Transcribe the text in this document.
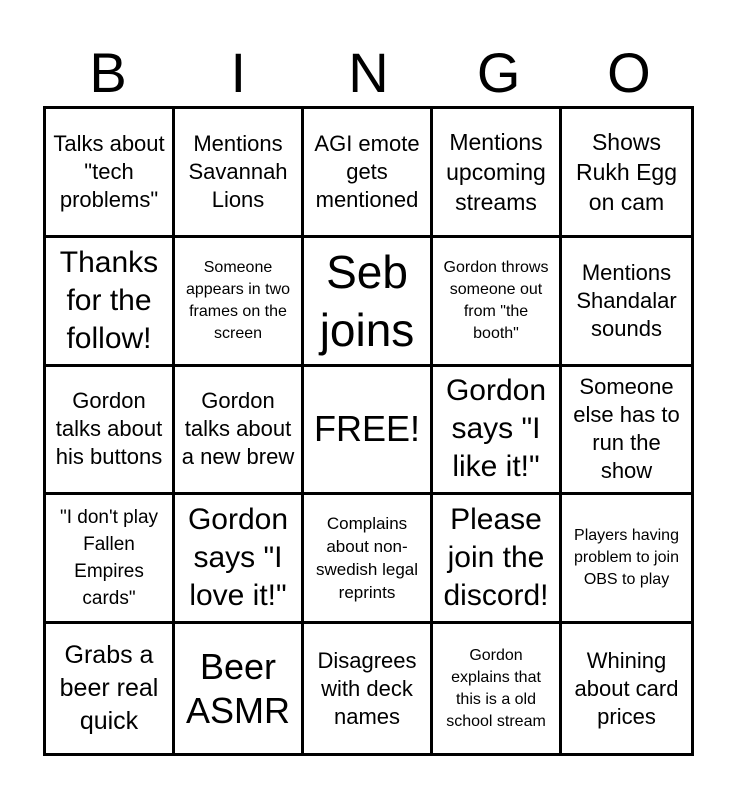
B	I	N	G	O
Talks about "tech problems"
Mentions Savannah Lions
AGI emote gets mentioned
Mentions upcoming streams
Shows Rukh Egg on cam
Thanks for the follow!
Someone appears in two frames on the screen
Seb joins
Gordon throws someone out from "the booth"
Mentions Shandalar sounds
Gordon talks about his buttons
Gordon talks about a new brew
FREE!
Gordon says "I like it!"
Someone else has to run the show
"I don't play Fallen Empires cards"
Gordon says "I love it!"
Complains about non-swedish legal reprints
Please join the discord!
Players having problem to join OBS to play
Grabs a beer real quick
Beer ASMR
Disagrees with deck names
Gordon explains that this is a old school stream
Whining about card prices
